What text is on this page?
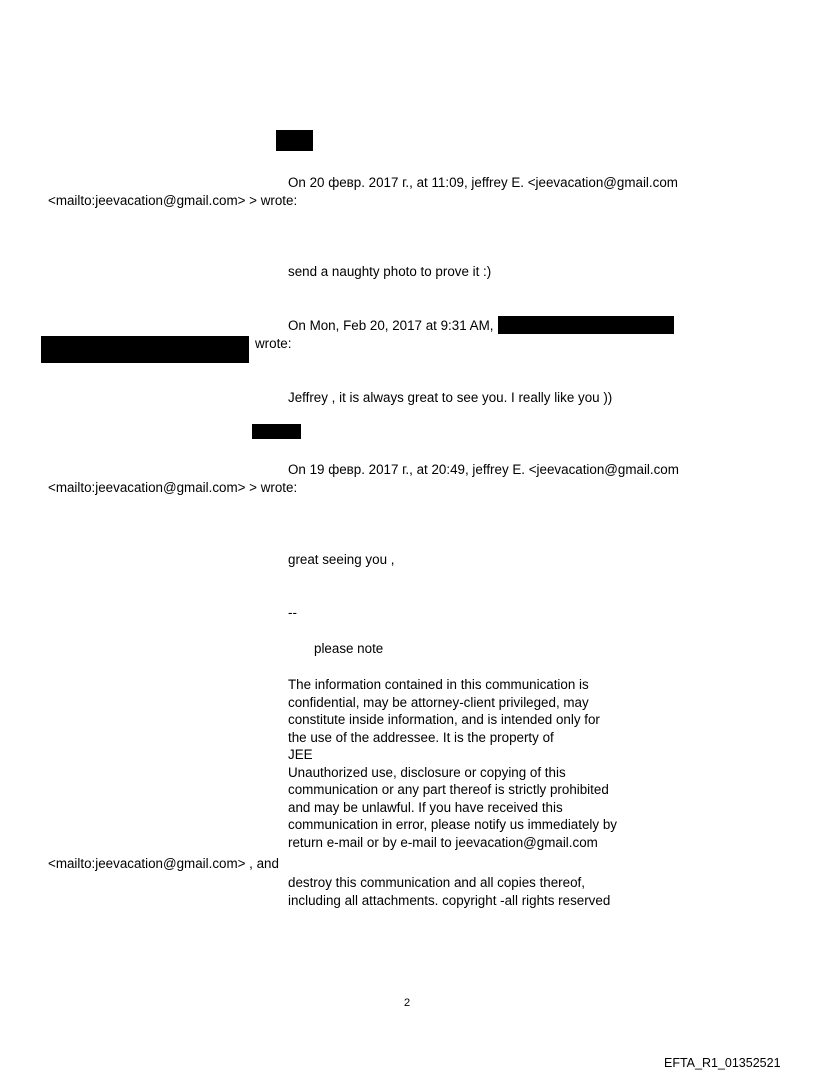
On 20 февр. 2017 г., at 11:09, jeffrey E. <jeevacation@gmail.com

<mailto:jeevacation@gmail.com> > wrote:

send a naughty photo to prove it :)

On Mon, Feb 20, 2017 at 9:31 AM,

wrote:

Jeffrey , it is always great to see you. I really like you ))

On 19 февр. 2017 г., at 20:49, jeffrey E. <jeevacation@gmail.com

<mailto:jeevacation@gmail.com> > wrote:

great seeing you ,

--

please note

The information contained in this communication is
confidential, may be attorney-client privileged, may
constitute inside information, and is intended only for
the use of the addressee. It is the property of
JEE
Unauthorized use, disclosure or copying of this
communication or any part thereof is strictly prohibited
and may be unlawful. If you have received this
communication in error, please notify us immediately by
return e-mail or by e-mail to jeevacation@gmail.com

<mailto:jeevacation@gmail.com> , and

destroy this communication and all copies thereof,
including all attachments. copyright -all rights reserved

2

EFTA_R1_01352521
